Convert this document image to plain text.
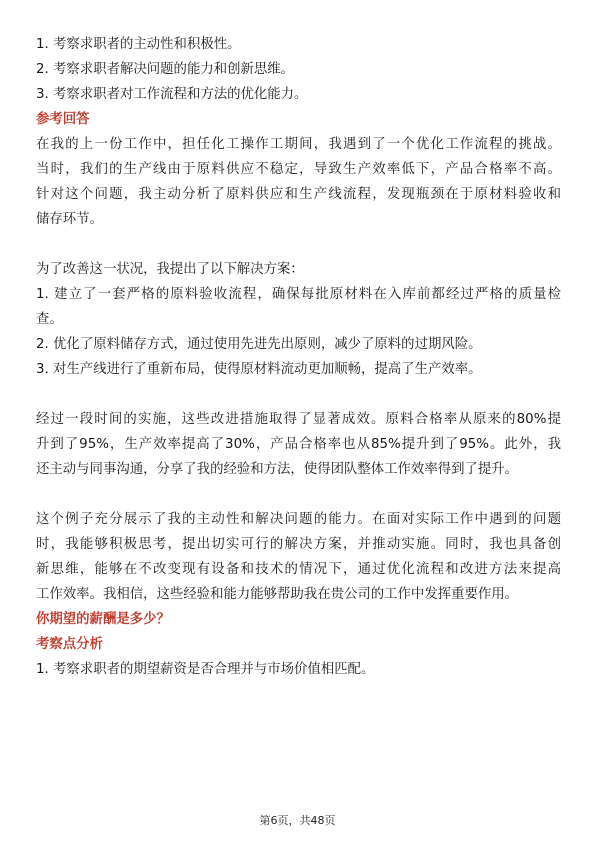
1. 考察求职者的主动性和积极性。

2. 考察求职者解决问题的能力和创新思维。

3. 考察求职者对工作流程和方法的优化能力。

参考回答

在我的上一份工作中，担任化工操作工期间，我遇到了一个优化工作流程的挑战。

当时，我们的生产线由于原料供应不稳定，导致生产效率低下，产品合格率不高。

针对这个问题，我主动分析了原料供应和生产线流程，发现瓶颈在于原材料验收和

储存环节。

为了改善这一状况，我提出了以下解决方案：

1. 建立了一套严格的原料验收流程，确保每批原材料在入库前都经过严格的质量检

查。

2. 优化了原料储存方式，通过使用先进先出原则，减少了原料的过期风险。

3. 对生产线进行了重新布局，使得原材料流动更加顺畅，提高了生产效率。

经过一段时间的实施，这些改进措施取得了显著成效。原料合格率从原来的80%提

升到了95%，生产效率提高了30%，产品合格率也从85%提升到了95%。此外，我

还主动与同事沟通，分享了我的经验和方法，使得团队整体工作效率得到了提升。

这个例子充分展示了我的主动性和解决问题的能力。在面对实际工作中遇到的问题

时，我能够积极思考，提出切实可行的解决方案，并推动实施。同时，我也具备创

新思维，能够在不改变现有设备和技术的情况下，通过优化流程和改进方法来提高

工作效率。我相信，这些经验和能力能够帮助我在贵公司的工作中发挥重要作用。

你期望的薪酬是多少？

考察点分析

1. 考察求职者的期望薪资是否合理并与市场价值相匹配。

第6页，共48页
